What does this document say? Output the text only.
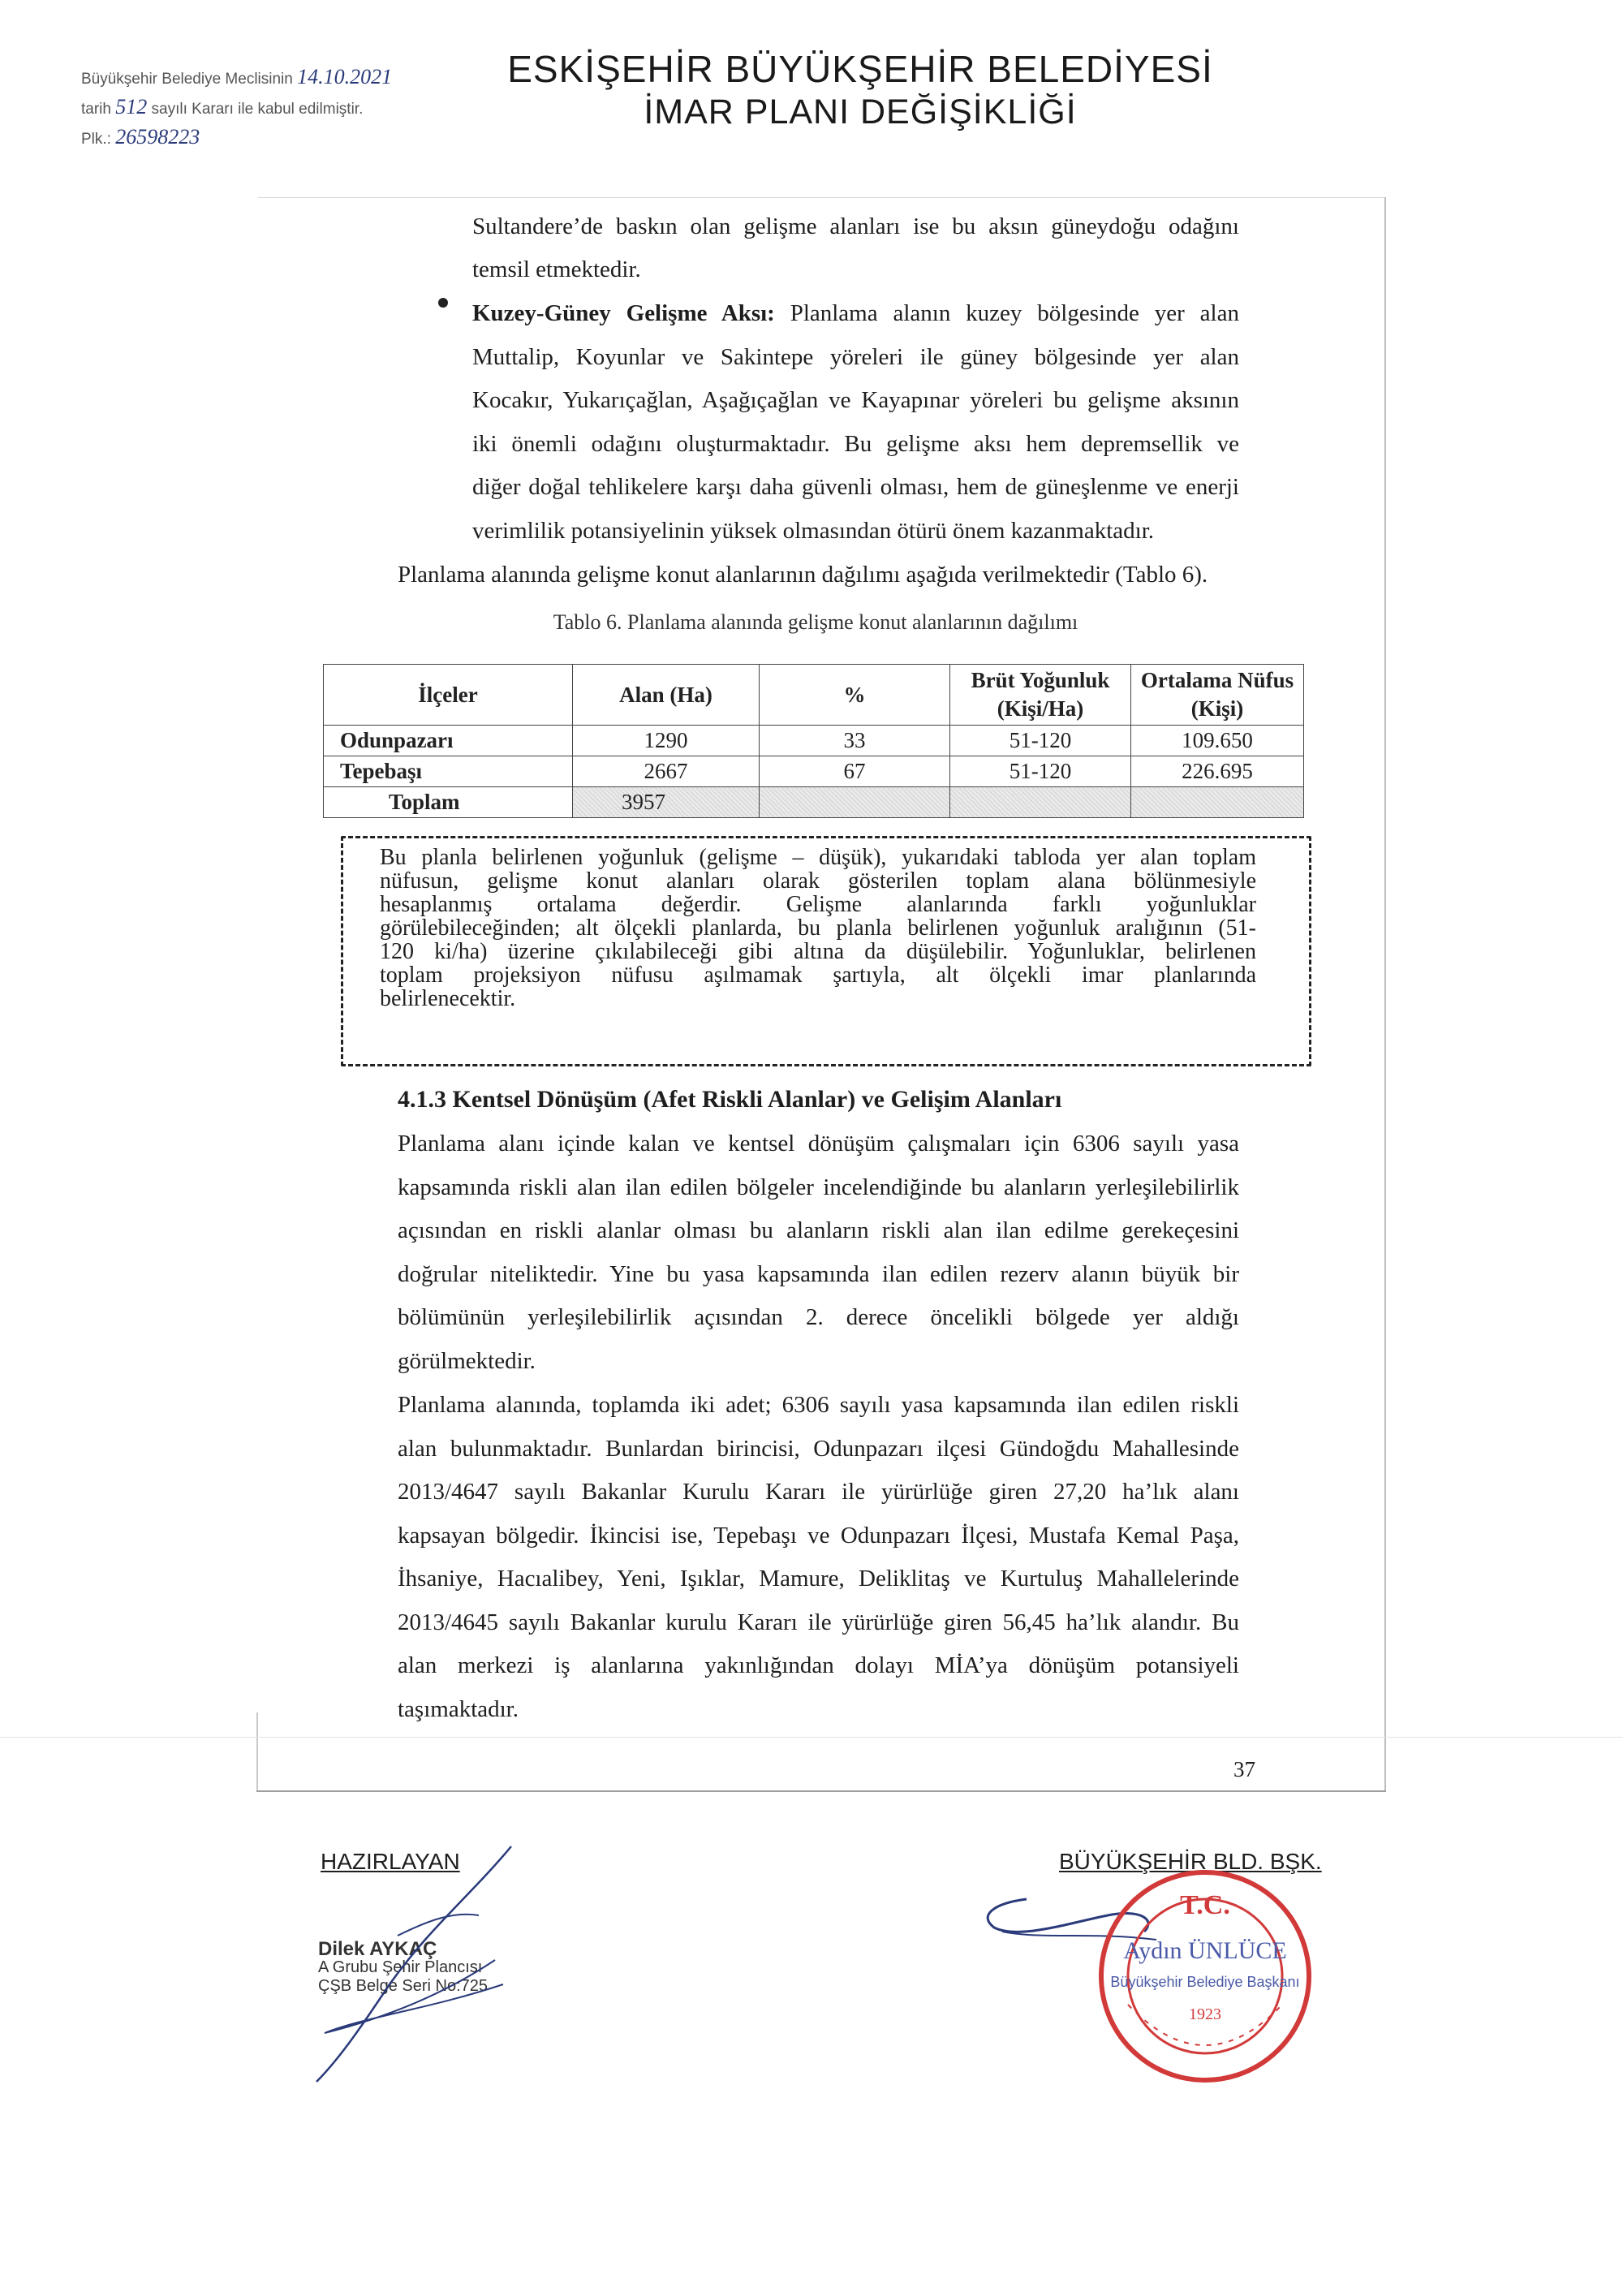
Büyükşehir Belediye Meclisinin 14.10.2021
tarih 512 sayılı Kararı ile kabul edilmiştir.
Plk.: 26598223
ESKİŞEHİR BÜYÜKŞEHİR BELEDİYESİ
İMAR PLANI DEĞİŞİKLİĞİ
Sultandere’de baskın olan gelişme alanları ise bu aksın güneydoğu odağını
temsil etmektedir.
Kuzey-Güney Gelişme Aksı: Planlama alanın kuzey bölgesinde yer alan
Muttalip, Koyunlar ve Sakintepe yöreleri ile güney bölgesinde yer alan
Kocakır, Yukarıçağlan, Aşağıçağlan ve Kayapınar yöreleri bu gelişme aksının
iki önemli odağını oluşturmaktadır. Bu gelişme aksı hem depremsellik ve
diğer doğal tehlikelere karşı daha güvenli olması, hem de güneşlenme ve enerji
verimlilik potansiyelinin yüksek olmasından ötürü önem kazanmaktadır.
Planlama alanında gelişme konut alanlarının dağılımı aşağıda verilmektedir (Tablo 6).
Tablo 6. Planlama alanında gelişme konut alanlarının dağılımı
İlçeler	Alan (Ha)	%	Brüt Yoğunluk (Kişi/Ha)	Ortalama Nüfus (Kişi)
Odunpazarı	1290	33	51-120	109.650
Tepebaşı	2667	67	51-120	226.695
Toplam	3957			
Bu planla belirlenen yoğunluk (gelişme – düşük), yukarıdaki tabloda yer alan toplam
nüfusun, gelişme konut alanları olarak gösterilen toplam alana bölünmesiyle
hesaplanmış ortalama değerdir. Gelişme alanlarında farklı yoğunluklar
görülebileceğinden; alt ölçekli planlarda, bu planla belirlenen yoğunluk aralığının (51-
120 ki/ha) üzerine çıkılabileceği gibi altına da düşülebilir. Yoğunluklar, belirlenen
toplam projeksiyon nüfusu aşılmamak şartıyla, alt ölçekli imar planlarında
belirlenecektir.
4.1.3 Kentsel Dönüşüm (Afet Riskli Alanlar) ve Gelişim Alanları
Planlama alanı içinde kalan ve kentsel dönüşüm çalışmaları için 6306 sayılı yasa
kapsamında riskli alan ilan edilen bölgeler incelendiğinde bu alanların yerleşilebilirlik
açısından en riskli alanlar olması bu alanların riskli alan ilan edilme gerekeçesini
doğrular niteliktedir. Yine bu yasa kapsamında ilan edilen rezerv alanın büyük bir
bölümünün yerleşilebilirlik açısından 2. derece öncelikli bölgede yer aldığı
görülmektedir.
Planlama alanında, toplamda iki adet; 6306 sayılı yasa kapsamında ilan edilen riskli
alan bulunmaktadır. Bunlardan birincisi, Odunpazarı ilçesi Gündoğdu Mahallesinde
2013/4647 sayılı Bakanlar Kurulu Kararı ile yürürlüğe giren 27,20 ha’lık alanı
kapsayan bölgedir. İkincisi ise, Tepebaşı ve Odunpazarı İlçesi, Mustafa Kemal Paşa,
İhsaniye, Hacıalibey, Yeni, Işıklar, Mamure, Deliklitaş ve Kurtuluş Mahallelerinde
2013/4645 sayılı Bakanlar kurulu Kararı ile yürürlüğe giren 56,45 ha’lık alandır. Bu
alan merkezi iş alanlarına yakınlığından dolayı MİA’ya dönüşüm potansiyeli
taşımaktadır.
37
HAZIRLAYAN
Dilek AYKAÇ
A Grubu Şehir Plancısı
ÇŞB Belge Seri No:725
BÜYÜKŞEHİR BLD. BŞK.
T.C.
Aydın ÜNLÜCE
Büyükşehir Belediye Başkanı
1923
